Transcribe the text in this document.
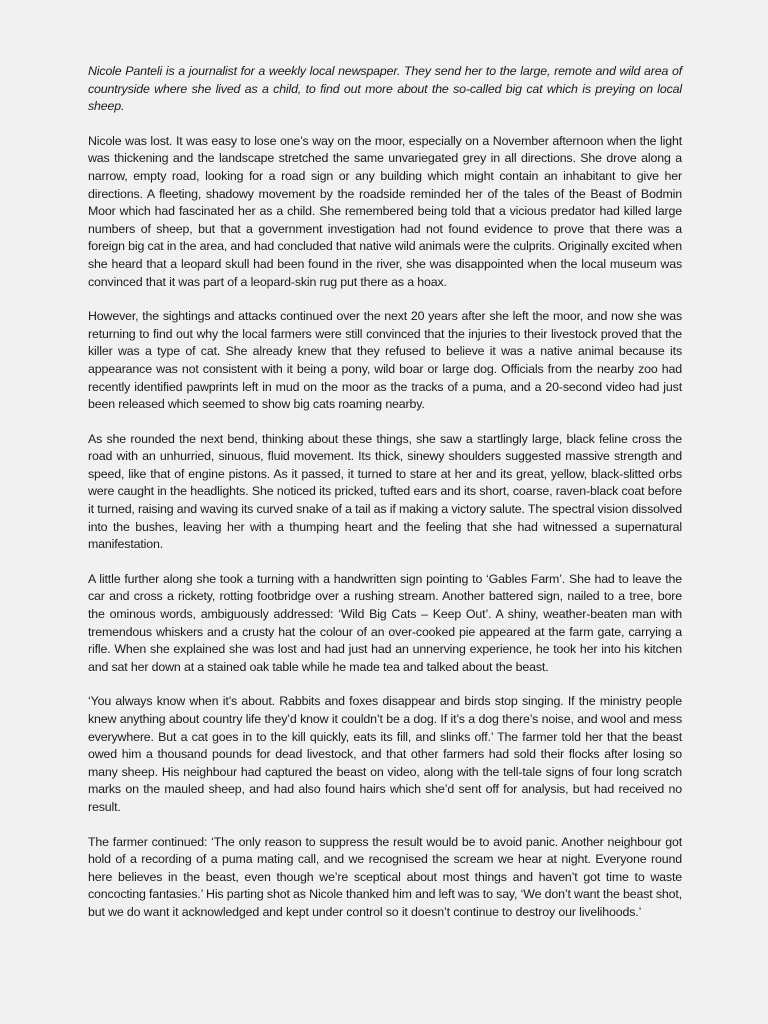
Nicole Panteli is a journalist for a weekly local newspaper. They send her to the large, remote and wild area of countryside where she lived as a child, to find out more about the so-called big cat which is preying on local sheep.

Nicole was lost. It was easy to lose one’s way on the moor, especially on a November afternoon when the light was thickening and the landscape stretched the same unvariegated grey in all directions. She drove along a narrow, empty road, looking for a road sign or any building which might contain an inhabitant to give her directions. A fleeting, shadowy movement by the roadside reminded her of the tales of the Beast of Bodmin Moor which had fascinated her as a child. She remembered being told that a vicious predator had killed large numbers of sheep, but that a government investigation had not found evidence to prove that there was a foreign big cat in the area, and had concluded that native wild animals were the culprits. Originally excited when she heard that a leopard skull had been found in the river, she was disappointed when the local museum was convinced that it was part of a leopard-skin rug put there as a hoax.

However, the sightings and attacks continued over the next 20 years after she left the moor, and now she was returning to find out why the local farmers were still convinced that the injuries to their livestock proved that the killer was a type of cat. She already knew that they refused to believe it was a native animal because its appearance was not consistent with it being a pony, wild boar or large dog. Officials from the nearby zoo had recently identified pawprints left in mud on the moor as the tracks of a puma, and a 20-second video had just been released which seemed to show big cats roaming nearby.

As she rounded the next bend, thinking about these things, she saw a startlingly large, black feline cross the road with an unhurried, sinuous, fluid movement. Its thick, sinewy shoulders suggested massive strength and speed, like that of engine pistons. As it passed, it turned to stare at her and its great, yellow, black-slitted orbs were caught in the headlights. She noticed its pricked, tufted ears and its short, coarse, raven-black coat before it turned, raising and waving its curved snake of a tail as if making a victory salute. The spectral vision dissolved into the bushes, leaving her with a thumping heart and the feeling that she had witnessed a supernatural manifestation.

A little further along she took a turning with a handwritten sign pointing to ‘Gables Farm’. She had to leave the car and cross a rickety, rotting footbridge over a rushing stream. Another battered sign, nailed to a tree, bore the ominous words, ambiguously addressed: ‘Wild Big Cats – Keep Out’. A shiny, weather-beaten man with tremendous whiskers and a crusty hat the colour of an over-cooked pie appeared at the farm gate, carrying a rifle. When she explained she was lost and had just had an unnerving experience, he took her into his kitchen and sat her down at a stained oak table while he made tea and talked about the beast.

‘You always know when it’s about. Rabbits and foxes disappear and birds stop singing. If the ministry people knew anything about country life they’d know it couldn’t be a dog. If it’s a dog there’s noise, and wool and mess everywhere. But a cat goes in to the kill quickly, eats its fill, and slinks off.’ The farmer told her that the beast owed him a thousand pounds for dead livestock, and that other farmers had sold their flocks after losing so many sheep. His neighbour had captured the beast on video, along with the tell-tale signs of four long scratch marks on the mauled sheep, and had also found hairs which she’d sent off for analysis, but had received no result.

The farmer continued: ‘The only reason to suppress the result would be to avoid panic. Another neighbour got hold of a recording of a puma mating call, and we recognised the scream we hear at night. Everyone round here believes in the beast, even though we’re sceptical about most things and haven’t got time to waste concocting fantasies.’ His parting shot as Nicole thanked him and left was to say, ‘We don’t want the beast shot, but we do want it acknowledged and kept under control so it doesn’t continue to destroy our livelihoods.’
